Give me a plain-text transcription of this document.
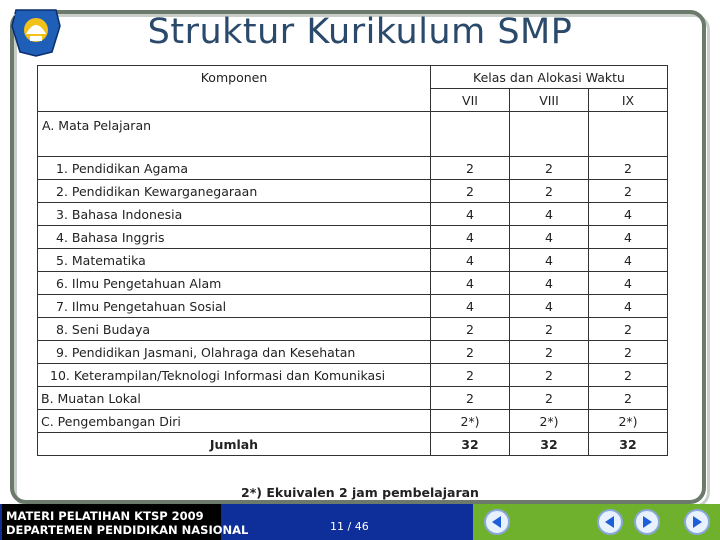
Struktur Kurikulum SMP
Komponen	Kelas dan Alokasi Waktu		
	VII	VIII	IX

A. Mata Pelajaran			

1. Pendidikan Agama	2	2	2
2. Pendidikan Kewarganegaraan	2	2	2
3. Bahasa Indonesia	4	4	4
4. Bahasa Inggris	4	4	4
5. Matematika	4	4	4
6. Ilmu Pengetahuan Alam	4	4	4
7. Ilmu Pengetahuan Sosial	4	4	4
8. Seni Budaya	2	2	2
9. Pendidikan Jasmani, Olahraga dan Kesehatan	2	2	2
10. Keterampilan/Teknologi Informasi dan Komunikasi	2	2	2
B. Muatan Lokal	2	2	2
C. Pengembangan Diri	2*)	2*)	2*)
Jumlah	32	32	32
2*) Ekuivalen 2 jam pembelajaran
MATERI PELATIHAN KTSP 2009
DEPARTEMEN PENDIDIKAN NASIONAL	11 / 46
